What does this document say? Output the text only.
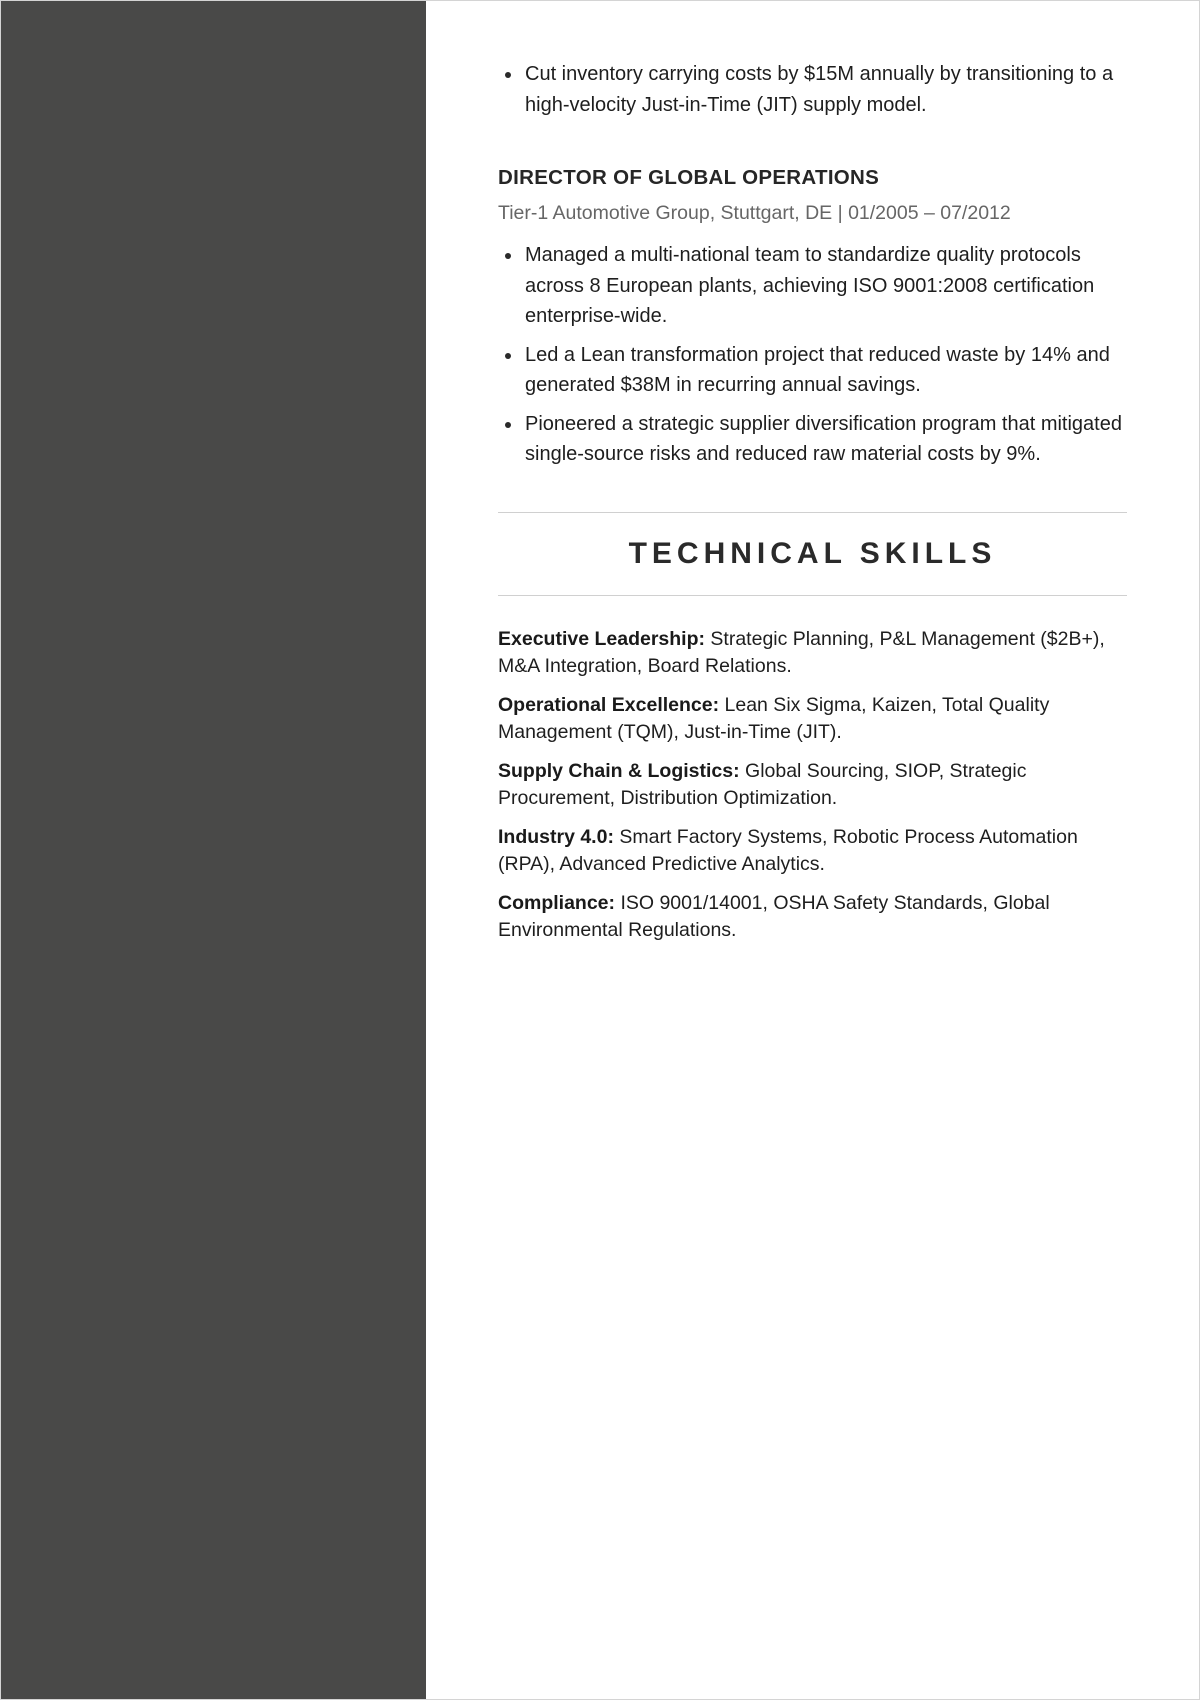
Cut inventory carrying costs by $15M annually by transitioning to a high-velocity Just-in-Time (JIT) supply model.
DIRECTOR OF GLOBAL OPERATIONS
Tier-1 Automotive Group, Stuttgart, DE | 01/2005 – 07/2012
Managed a multi-national team to standardize quality protocols across 8 European plants, achieving ISO 9001:2008 certification enterprise-wide.
Led a Lean transformation project that reduced waste by 14% and generated $38M in recurring annual savings.
Pioneered a strategic supplier diversification program that mitigated single-source risks and reduced raw material costs by 9%.
TECHNICAL SKILLS
Executive Leadership: Strategic Planning, P&L Management ($2B+), M&A Integration, Board Relations.
Operational Excellence: Lean Six Sigma, Kaizen, Total Quality Management (TQM), Just-in-Time (JIT).
Supply Chain & Logistics: Global Sourcing, SIOP, Strategic Procurement, Distribution Optimization.
Industry 4.0: Smart Factory Systems, Robotic Process Automation (RPA), Advanced Predictive Analytics.
Compliance: ISO 9001/14001, OSHA Safety Standards, Global Environmental Regulations.
